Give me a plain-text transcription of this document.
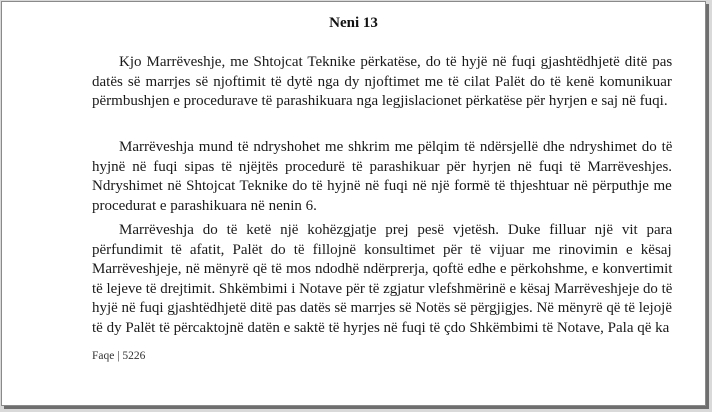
Neni 13
Kjo Marrëveshje, me Shtojcat Teknike përkatëse, do të hyjë në fuqi gjashtëdhjetë ditë pas
datës së marrjes së njoftimit të dytë nga dy njoftimet me të cilat Palët do të kenë komunikuar
përmbushjen e procedurave të parashikuara nga legjislacionet përkatëse për hyrjen e saj në fuqi.
Marrëveshja mund të ndryshohet me shkrim me pëlqim të ndërsjellë dhe ndryshimet do të
hyjnë në fuqi sipas të njëjtës procedurë të parashikuar për hyrjen në fuqi të Marrëveshjes.
Ndryshimet në Shtojcat Teknike do të hyjnë në fuqi në një formë të thjeshtuar në përputhje me
procedurat e parashikuara në nenin 6.
Marrëveshja do të ketë një kohëzgjatje prej pesë vjetësh. Duke filluar një vit para
përfundimit të afatit, Palët do të fillojnë konsultimet për të vijuar me rinovimin e kësaj
Marrëveshjeje, në mënyrë që të mos ndodhë ndërprerja, qoftë edhe e përkohshme, e konvertimit
të lejeve të drejtimit. Shkëmbimi i Notave për të zgjatur vlefshmërinë e kësaj Marrëveshjeje do të
hyjë në fuqi gjashtëdhjetë ditë pas datës së marrjes së Notës së përgjigjes. Në mënyrë që të lejojë
të dy Palët të përcaktojnë datën e saktë të hyrjes në fuqi të çdo Shkëmbimi të Notave, Pala që ka

Faqe | 5226
